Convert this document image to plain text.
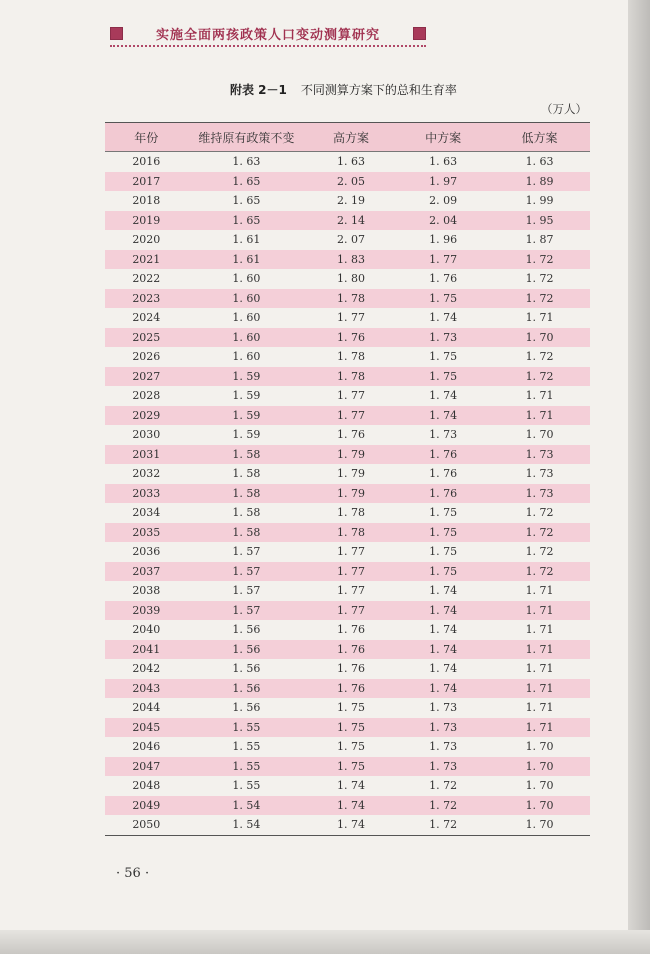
实施全面两孩政策人口变动测算研究
附表 2－1 不同测算方案下的总和生育率
（万人）
年份	维持原有政策不变	高方案	中方案	低方案
2016	1. 63	1. 63	1. 63	1. 63
2017	1. 65	2. 05	1. 97	1. 89
2018	1. 65	2. 19	2. 09	1. 99
2019	1. 65	2. 14	2. 04	1. 95
2020	1. 61	2. 07	1. 96	1. 87
2021	1. 61	1. 83	1. 77	1. 72
2022	1. 60	1. 80	1. 76	1. 72
2023	1. 60	1. 78	1. 75	1. 72
2024	1. 60	1. 77	1. 74	1. 71
2025	1. 60	1. 76	1. 73	1. 70
2026	1. 60	1. 78	1. 75	1. 72
2027	1. 59	1. 78	1. 75	1. 72
2028	1. 59	1. 77	1. 74	1. 71
2029	1. 59	1. 77	1. 74	1. 71
2030	1. 59	1. 76	1. 73	1. 70
2031	1. 58	1. 79	1. 76	1. 73
2032	1. 58	1. 79	1. 76	1. 73
2033	1. 58	1. 79	1. 76	1. 73
2034	1. 58	1. 78	1. 75	1. 72
2035	1. 58	1. 78	1. 75	1. 72
2036	1. 57	1. 77	1. 75	1. 72
2037	1. 57	1. 77	1. 75	1. 72
2038	1. 57	1. 77	1. 74	1. 71
2039	1. 57	1. 77	1. 74	1. 71
2040	1. 56	1. 76	1. 74	1. 71
2041	1. 56	1. 76	1. 74	1. 71
2042	1. 56	1. 76	1. 74	1. 71
2043	1. 56	1. 76	1. 74	1. 71
2044	1. 56	1. 75	1. 73	1. 71
2045	1. 55	1. 75	1. 73	1. 71
2046	1. 55	1. 75	1. 73	1. 70
2047	1. 55	1. 75	1. 73	1. 70
2048	1. 55	1. 74	1. 72	1. 70
2049	1. 54	1. 74	1. 72	1. 70
2050	1. 54	1. 74	1. 72	1. 70
· 56 ·
